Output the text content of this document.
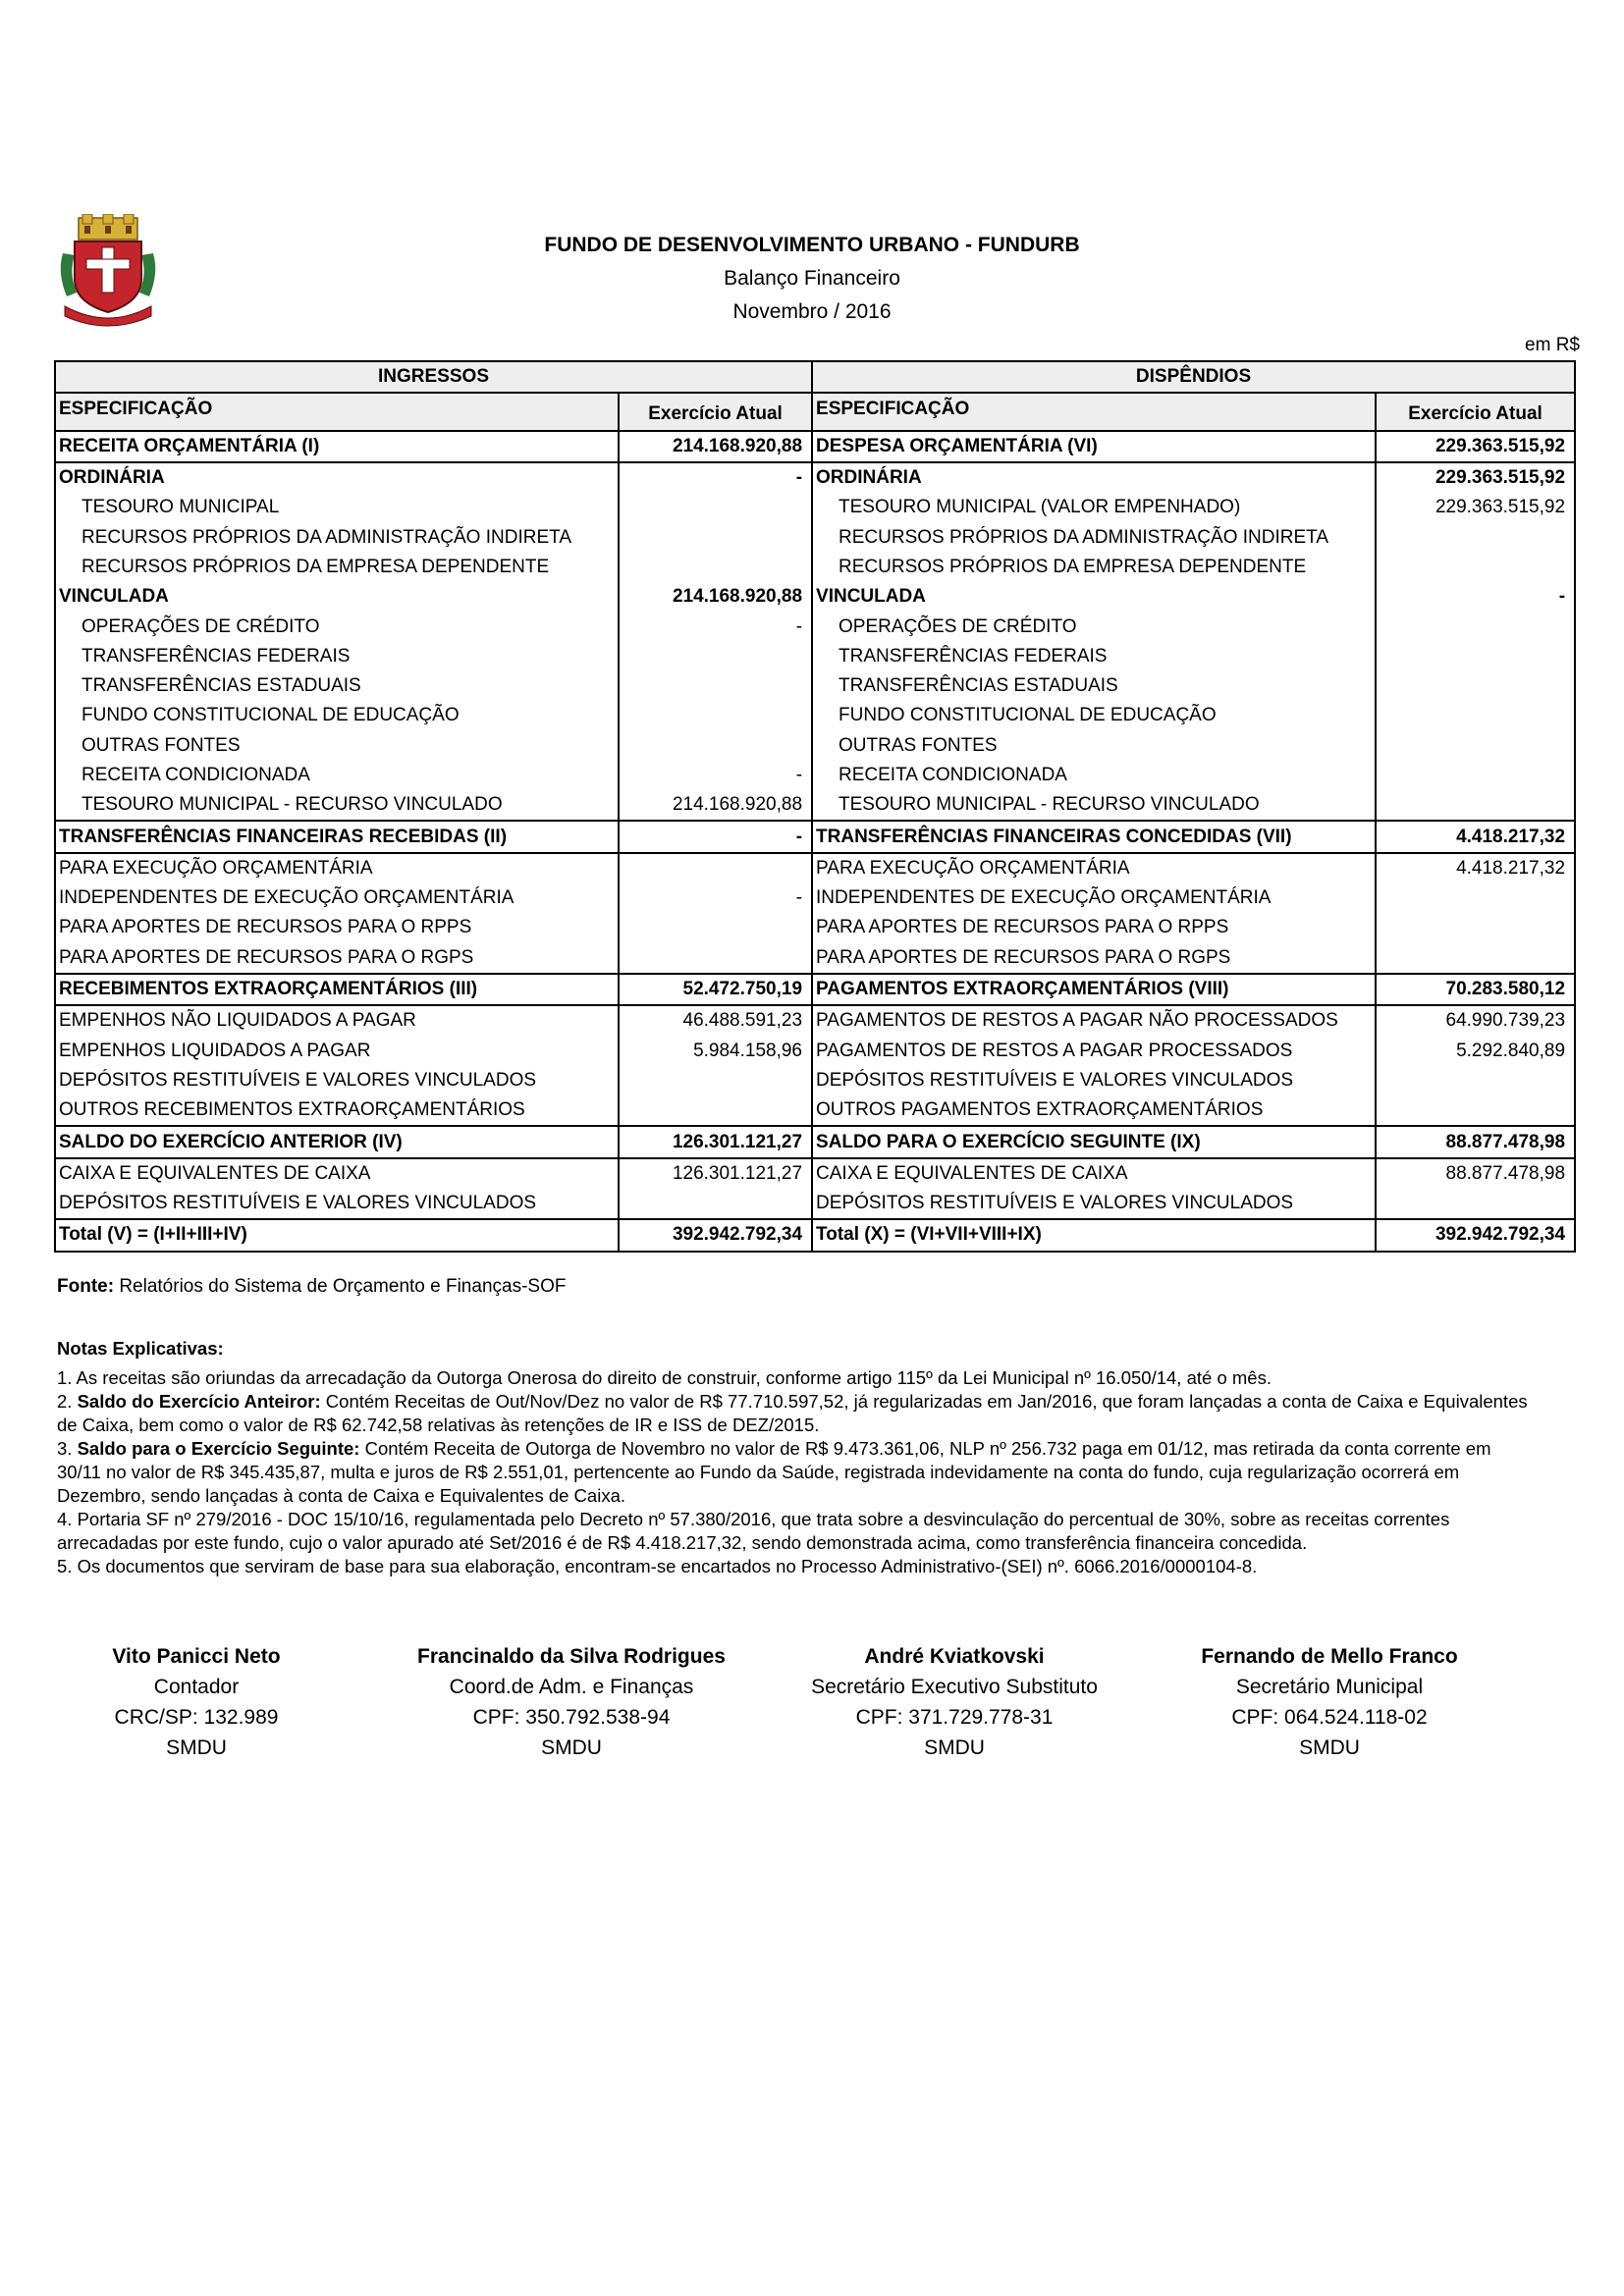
FUNDO DE DESENVOLVIMENTO URBANO - FUNDURB
Balanço Financeiro
Novembro / 2016
em R$
INGRESSOS		DISPÊNDIOS	
ESPECIFICAÇÃO	Exercício Atual	ESPECIFICAÇÃO	Exercício Atual
RECEITA ORÇAMENTÁRIA (I)	214.168.920,88	DESPESA ORÇAMENTÁRIA (VI)	229.363.515,92
ORDINÁRIA	-	ORDINÁRIA	229.363.515,92
TESOURO MUNICIPAL		TESOURO MUNICIPAL (VALOR EMPENHADO)	229.363.515,92
RECURSOS PRÓPRIOS DA ADMINISTRAÇÃO INDIRETA		RECURSOS PRÓPRIOS DA ADMINISTRAÇÃO INDIRETA	
RECURSOS PRÓPRIOS DA EMPRESA DEPENDENTE		RECURSOS PRÓPRIOS DA EMPRESA DEPENDENTE	
VINCULADA	214.168.920,88	VINCULADA	-
OPERAÇÕES DE CRÉDITO	-	OPERAÇÕES DE CRÉDITO	
TRANSFERÊNCIAS FEDERAIS		TRANSFERÊNCIAS FEDERAIS	
TRANSFERÊNCIAS ESTADUAIS		TRANSFERÊNCIAS ESTADUAIS	
FUNDO CONSTITUCIONAL DE EDUCAÇÃO		FUNDO CONSTITUCIONAL DE EDUCAÇÃO	
OUTRAS FONTES		OUTRAS FONTES	
RECEITA CONDICIONADA	-	RECEITA CONDICIONADA	
TESOURO MUNICIPAL - RECURSO VINCULADO	214.168.920,88	TESOURO MUNICIPAL - RECURSO VINCULADO	
TRANSFERÊNCIAS FINANCEIRAS RECEBIDAS (II)	-	TRANSFERÊNCIAS FINANCEIRAS CONCEDIDAS (VII)	4.418.217,32
PARA EXECUÇÃO ORÇAMENTÁRIA		PARA EXECUÇÃO ORÇAMENTÁRIA	4.418.217,32
INDEPENDENTES DE EXECUÇÃO ORÇAMENTÁRIA	-	INDEPENDENTES DE EXECUÇÃO ORÇAMENTÁRIA	
PARA APORTES DE RECURSOS PARA O RPPS		PARA APORTES DE RECURSOS PARA O RPPS	
PARA APORTES DE RECURSOS PARA O RGPS		PARA APORTES DE RECURSOS PARA O RGPS	
RECEBIMENTOS EXTRAORÇAMENTÁRIOS (III)	52.472.750,19	PAGAMENTOS EXTRAORÇAMENTÁRIOS (VIII)	70.283.580,12
EMPENHOS NÃO LIQUIDADOS A PAGAR	46.488.591,23	PAGAMENTOS DE RESTOS A PAGAR NÃO PROCESSADOS	64.990.739,23
EMPENHOS LIQUIDADOS A PAGAR	5.984.158,96	PAGAMENTOS DE RESTOS A PAGAR PROCESSADOS	5.292.840,89
DEPÓSITOS RESTITUÍVEIS E VALORES VINCULADOS		DEPÓSITOS RESTITUÍVEIS E VALORES VINCULADOS	
OUTROS RECEBIMENTOS EXTRAORÇAMENTÁRIOS		OUTROS PAGAMENTOS EXTRAORÇAMENTÁRIOS	
SALDO DO EXERCÍCIO ANTERIOR (IV)	126.301.121,27	SALDO PARA O EXERCÍCIO SEGUINTE (IX)	88.877.478,98
CAIXA E EQUIVALENTES DE CAIXA	126.301.121,27	CAIXA E EQUIVALENTES DE CAIXA	88.877.478,98
DEPÓSITOS RESTITUÍVEIS E VALORES VINCULADOS		DEPÓSITOS RESTITUÍVEIS E VALORES VINCULADOS	
Total (V) = (I+II+III+IV)	392.942.792,34	Total (X) = (VI+VII+VIII+IX)	392.942.792,34
Fonte: Relatórios do Sistema de Orçamento e Finanças-SOF
Notas Explicativas:

1. As receitas são oriundas da arrecadação da Outorga Onerosa do direito de construir, conforme artigo 115º da Lei Municipal nº 16.050/14, até o mês.

2. Saldo do Exercício Anteiror: Contém Receitas de Out/Nov/Dez no valor de R$ 77.710.597,52, já regularizadas em Jan/2016, que foram lançadas a conta de Caixa e Equivalentes de Caixa, bem como o valor de R$ 62.742,58 relativas às retenções de IR e ISS de DEZ/2015.

3. Saldo para o Exercício Seguinte: Contém Receita de Outorga de Novembro no valor de R$ 9.473.361,06, NLP nº 256.732 paga em 01/12, mas retirada da conta corrente em 30/11 no valor de R$ 345.435,87, multa e juros de R$ 2.551,01, pertencente ao Fundo da Saúde, registrada indevidamente na conta do fundo, cuja regularização ocorrerá em Dezembro, sendo lançadas à conta de Caixa e Equivalentes de Caixa.

4. Portaria SF nº 279/2016 - DOC 15/10/16, regulamentada pelo Decreto nº 57.380/2016, que trata sobre a desvinculação do percentual de 30%, sobre as receitas correntes arrecadadas por este fundo, cujo o valor apurado até Set/2016 é de R$ 4.418.217,32, sendo demonstrada acima, como transferência financeira concedida.

5. Os documentos que serviram de base para sua elaboração, encontram-se encartados no Processo Administrativo-(SEI) nº. 6066.2016/0000104-8.

Vito Panicci Neto
Contador
CRC/SP: 132.989
SMDU
Francinaldo da Silva Rodrigues
Coord.de Adm. e Finanças
CPF: 350.792.538-94
SMDU
André Kviatkovski
Secretário Executivo Substituto
CPF: 371.729.778-31
SMDU
Fernando de Mello Franco
Secretário Municipal
CPF: 064.524.118-02
SMDU
